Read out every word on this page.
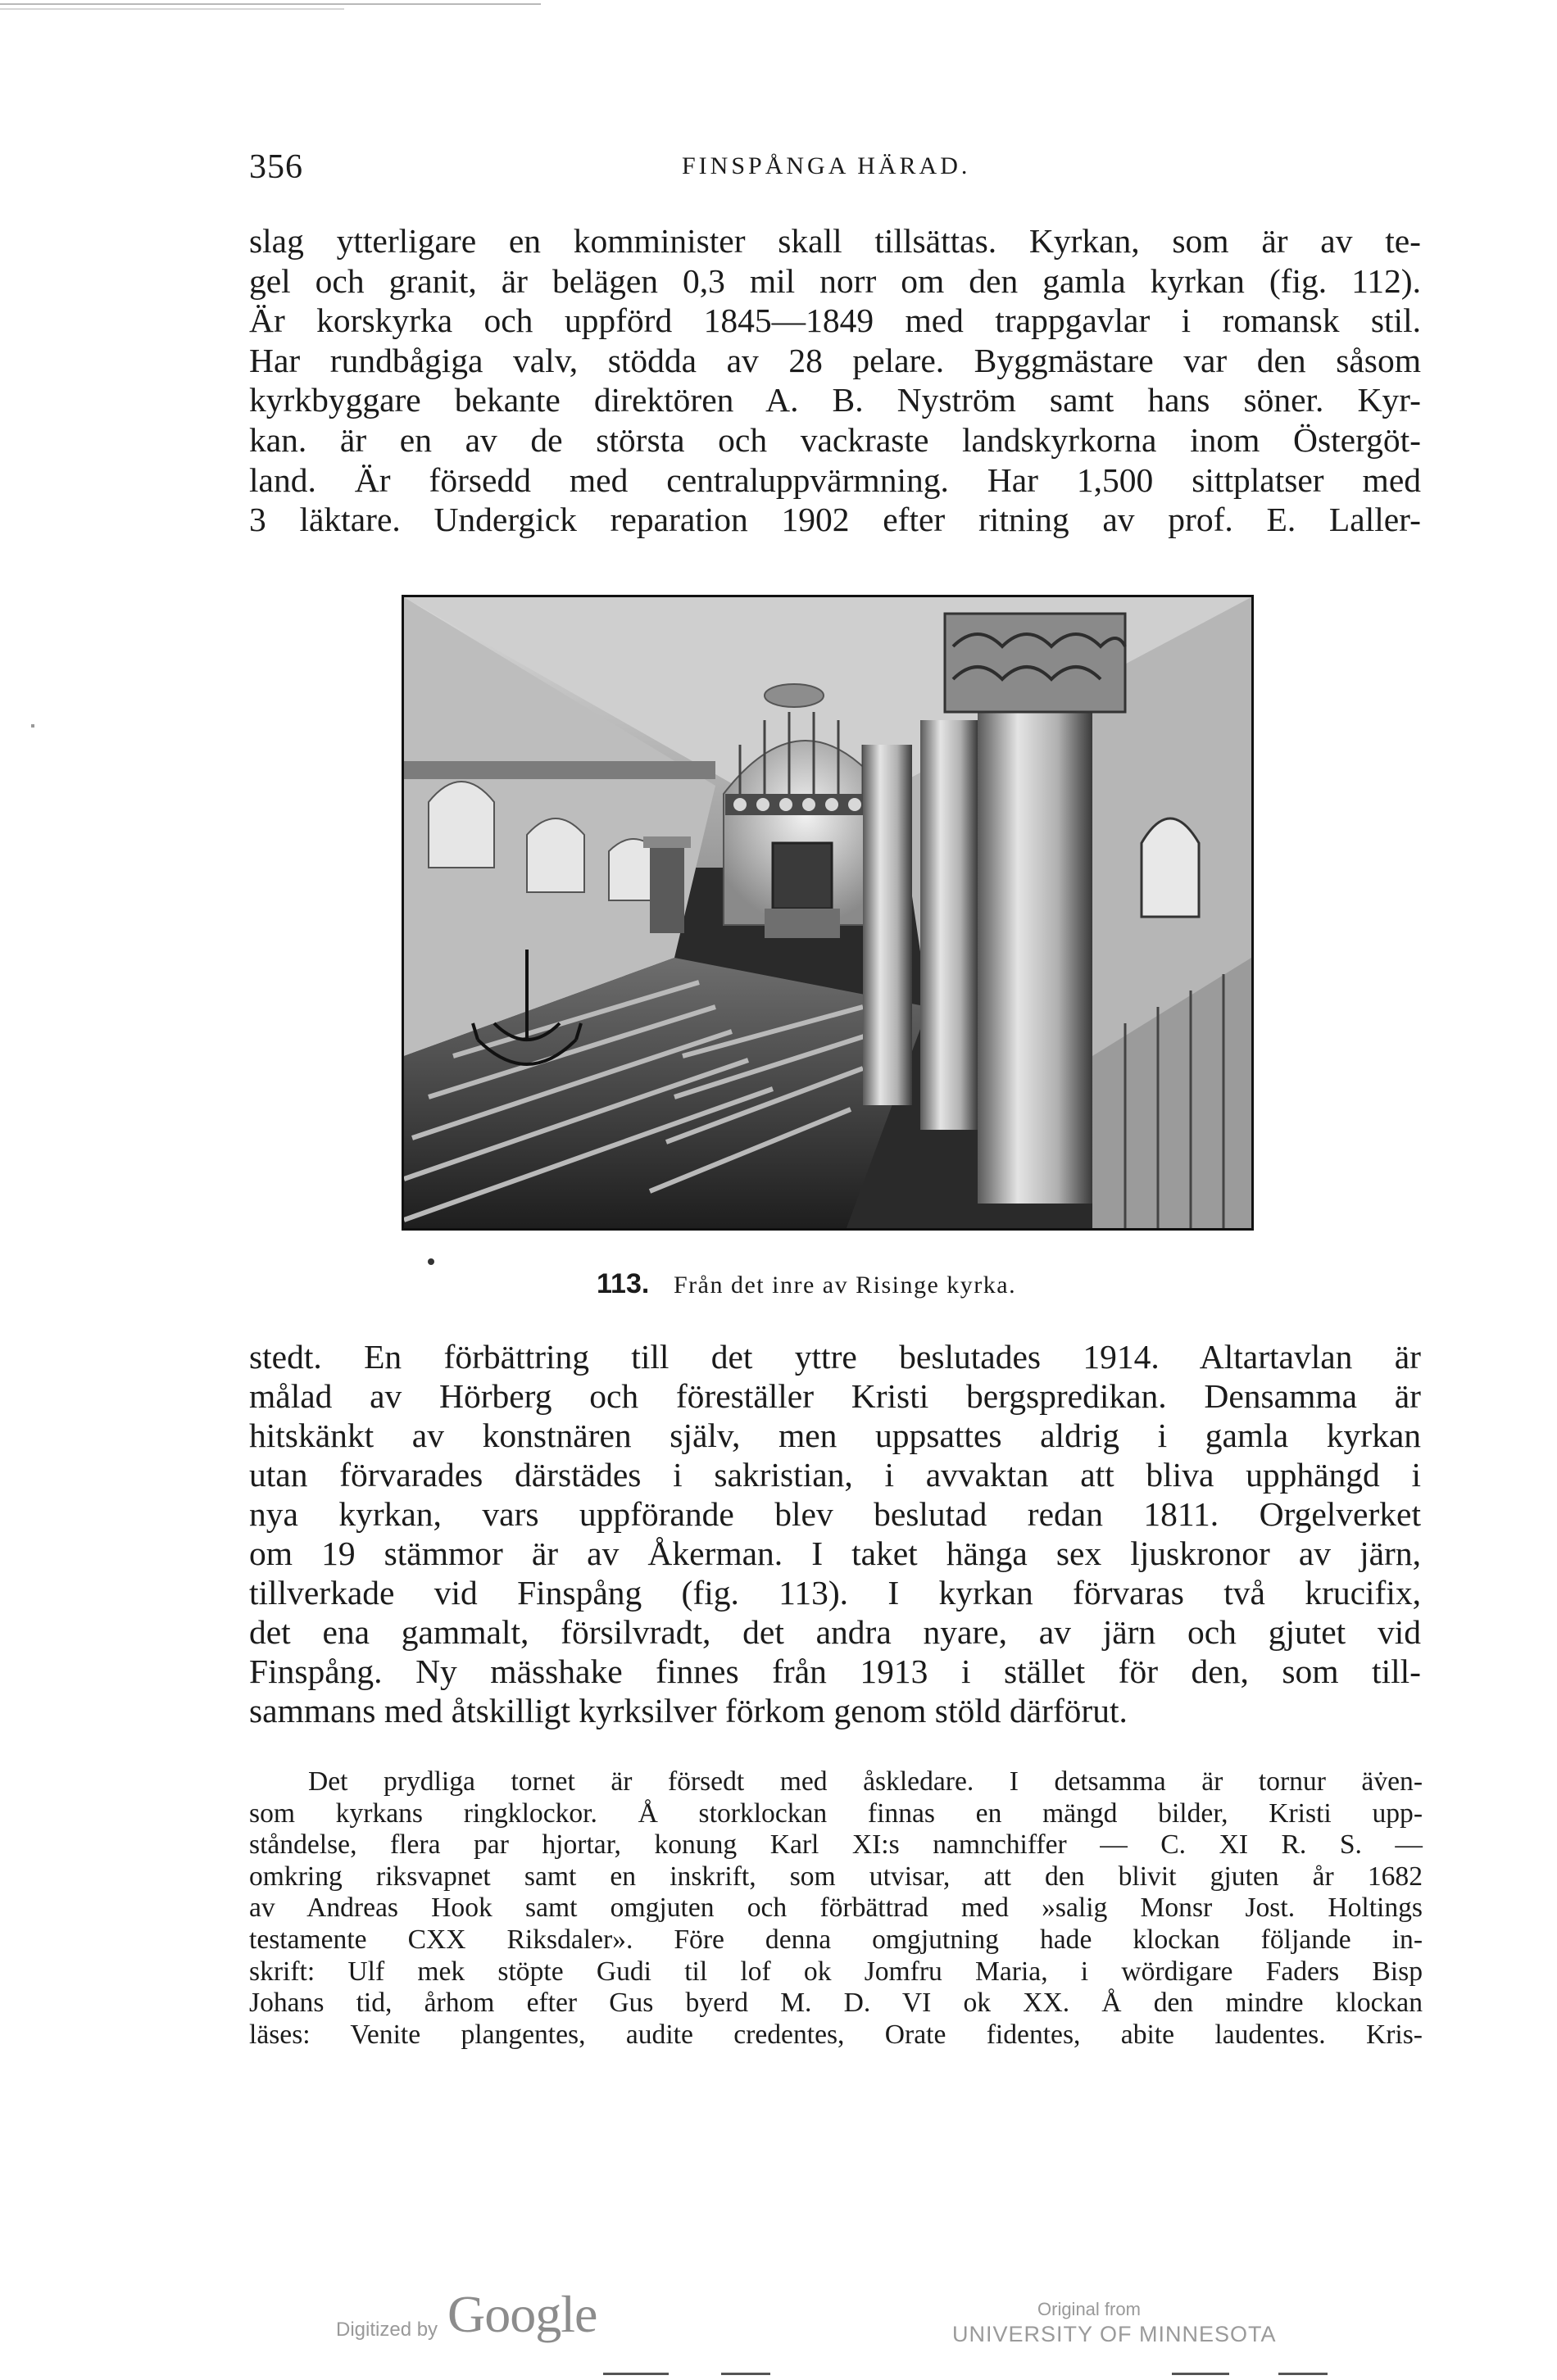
356	FINSPÅNGA HÄRAD.
slag ytterligare en komminister skall tillsättas. Kyrkan, som är av te-
gel och granit, är belägen 0,3 mil norr om den gamla kyrkan (fig. 112).
Är korskyrka och uppförd 1845—1849 med trappgavlar i romansk stil.
Har rundbågiga valv, stödda av 28 pelare. Byggmästare var den såsom
kyrkbyggare bekante direktören A. B. Nyström samt hans söner. Kyr-
kan. är en av de största och vackraste landskyrkorna inom Östergöt-
land. Är försedd med centraluppvärmning. Har 1,500 sittplatser med
3 läktare. Undergick reparation 1902 efter ritning av prof. E. Laller-
113. Från det inre av Risinge kyrka.
stedt. En förbättring till det yttre beslutades 1914. Altartavlan är
målad av Hörberg och föreställer Kristi bergspredikan. Densamma är
hitskänkt av konstnären själv, men uppsattes aldrig i gamla kyrkan
utan förvarades därstädes i sakristian, i avvaktan att bliva upphängd i
nya kyrkan, vars uppförande blev beslutad redan 1811. Orgelverket
om 19 stämmor är av Åkerman. I taket hänga sex ljuskronor av järn,
tillverkade vid Finspång (fig. 113). I kyrkan förvaras två krucifix,
det ena gammalt, försilvradt, det andra nyare, av järn och gjutet vid
Finspång. Ny mässhake finnes från 1913 i stället för den, som till-
sammans med åtskilligt kyrksilver förkom genom stöld därförut.
Det prydliga tornet är försedt med åskledare. I detsamma är tornur äv̇en-
som kyrkans ringklockor. Å storklockan finnas en mängd bilder, Kristi upp-
ståndelse, flera par hjortar, konung Karl XI:s namnchiffer — C. XI R. S. —
omkring riksvapnet samt en inskrift, som utvisar, att den blivit gjuten år 1682
av Andreas Hook samt omgjuten och förbättrad med »salig Monsr Jost. Holtings
testamente CXX Riksdaler». Före denna omgjutning hade klockan följande in-
skrift: Ulf mek stöpte Gudi til lof ok Jomfru Maria, i wördigare Faders Bisp
Johans tid, århom efter Gus byerd M. D. VI ok XX. Å den mindre klockan
läses: Venite plangentes, audite credentes, Orate fidentes, abite laudentes. Kris-
Digitized by Google	Original from
UNIVERSITY OF MINNESOTA
